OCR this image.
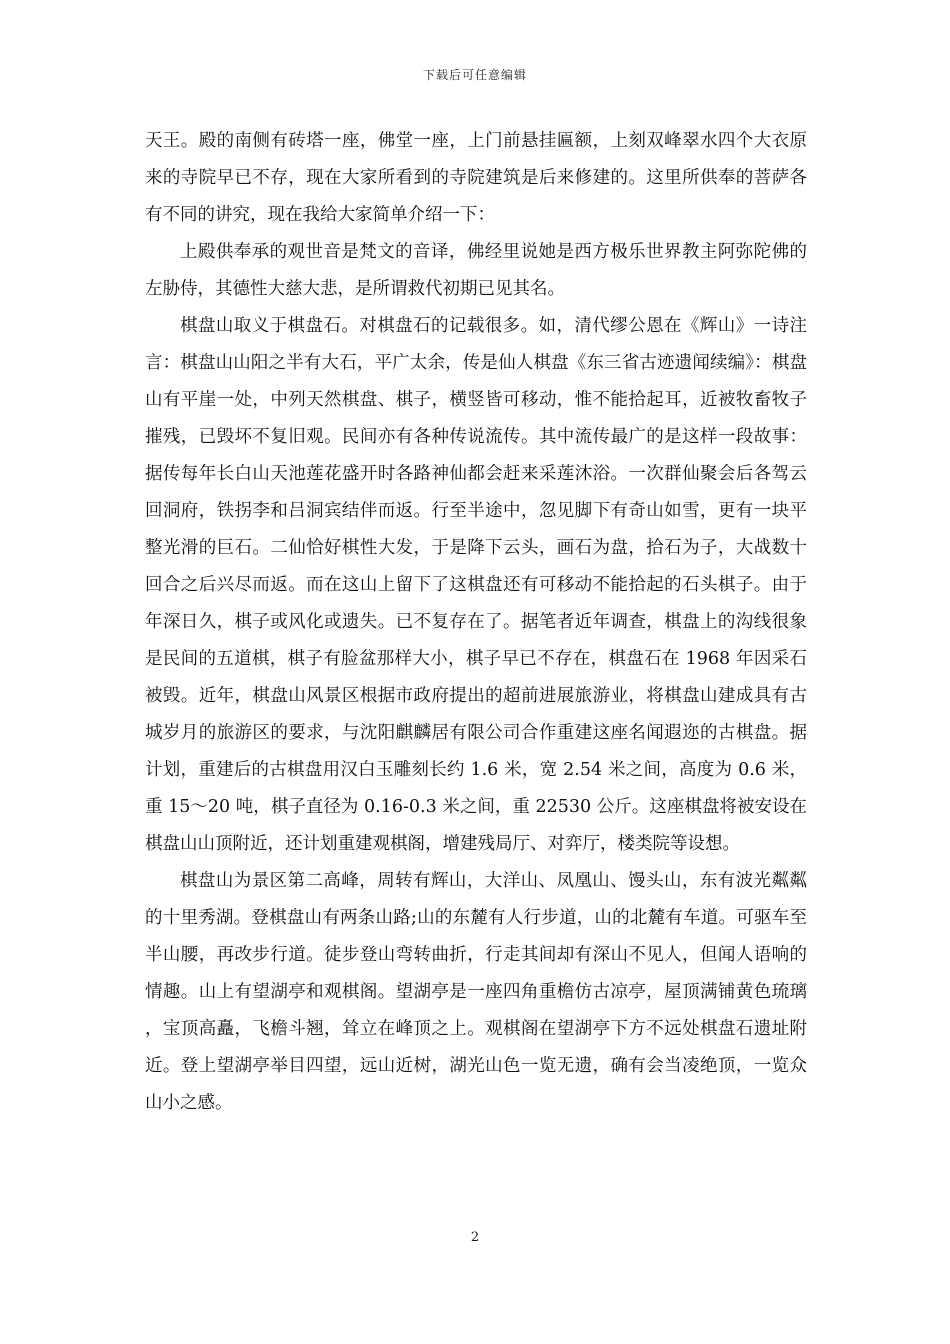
下载后可任意编辑

天王。殿的南侧有砖塔一座，佛堂一座，上门前悬挂匾额，上刻双峰翠水四个大衣原来的寺院早已不存，现在大家所看到的寺院建筑是后来修建的。这里所供奉的菩萨各有不同的讲究，现在我给大家简单介绍一下：

上殿供奉承的观世音是梵文的音译，佛经里说她是西方极乐世界教主阿弥陀佛的左胁侍，其德性大慈大悲，是所谓救代初期已见其名。

棋盘山取义于棋盘石。对棋盘石的记载很多。如，清代缪公恩在《辉山》一诗注言：棋盘山山阳之半有大石，平广太余，传是仙人棋盘《东三省古迹遗闻续编》：棋盘山有平崖一处，中列天然棋盘、棋子，横竖皆可移动，惟不能拾起耳，近被牧畜牧子摧残，已毁坏不复旧观。民间亦有各种传说流传。其中流传最广的是这样一段故事：据传每年长白山天池莲花盛开时各路神仙都会赶来采莲沐浴。一次群仙聚会后各驾云回洞府，铁拐李和吕洞宾结伴而返。行至半途中，忽见脚下有奇山如雪，更有一块平整光滑的巨石。二仙恰好棋性大发，于是降下云头，画石为盘，拾石为子，大战数十回合之后兴尽而返。而在这山上留下了这棋盘还有可移动不能拾起的石头棋子。由于年深日久，棋子或风化或遗失。已不复存在了。据笔者近年调查，棋盘上的沟线很象是民间的五道棋，棋子有脸盆那样大小，棋子早已不存在，棋盘石在 1968 年因采石被毁。近年，棋盘山风景区根据市政府提出的超前进展旅游业，将棋盘山建成具有古城岁月的旅游区的要求，与沈阳麒麟居有限公司合作重建这座名闻遐迩的古棋盘。据计划，重建后的古棋盘用汉白玉雕刻长约 1.6 米，宽 2.54 米之间，高度为 0.6 米，重 15～20 吨，棋子直径为 0.16-0.3 米之间，重 22530 公斤。这座棋盘将被安设在棋盘山山顶附近，还计划重建观棋阁，增建残局厅、对弈厅，楼类院等设想。

棋盘山为景区第二高峰，周转有辉山，大洋山、凤凰山、馒头山，东有波光粼粼的十里秀湖。登棋盘山有两条山路;山的东麓有人行步道，山的北麓有车道。可驱车至半山腰，再改步行道。徒步登山弯转曲折，行走其间却有深山不见人，但闻人语响的情趣。山上有望湖亭和观棋阁。望湖亭是一座四角重檐仿古凉亭，屋顶满铺黄色琉璃，宝顶高矗，飞檐斗翘，耸立在峰顶之上。观棋阁在望湖亭下方不远处棋盘石遗址附近。登上望湖亭举目四望，远山近树，湖光山色一览无遗，确有会当凌绝顶，一览众山小之感。

2
